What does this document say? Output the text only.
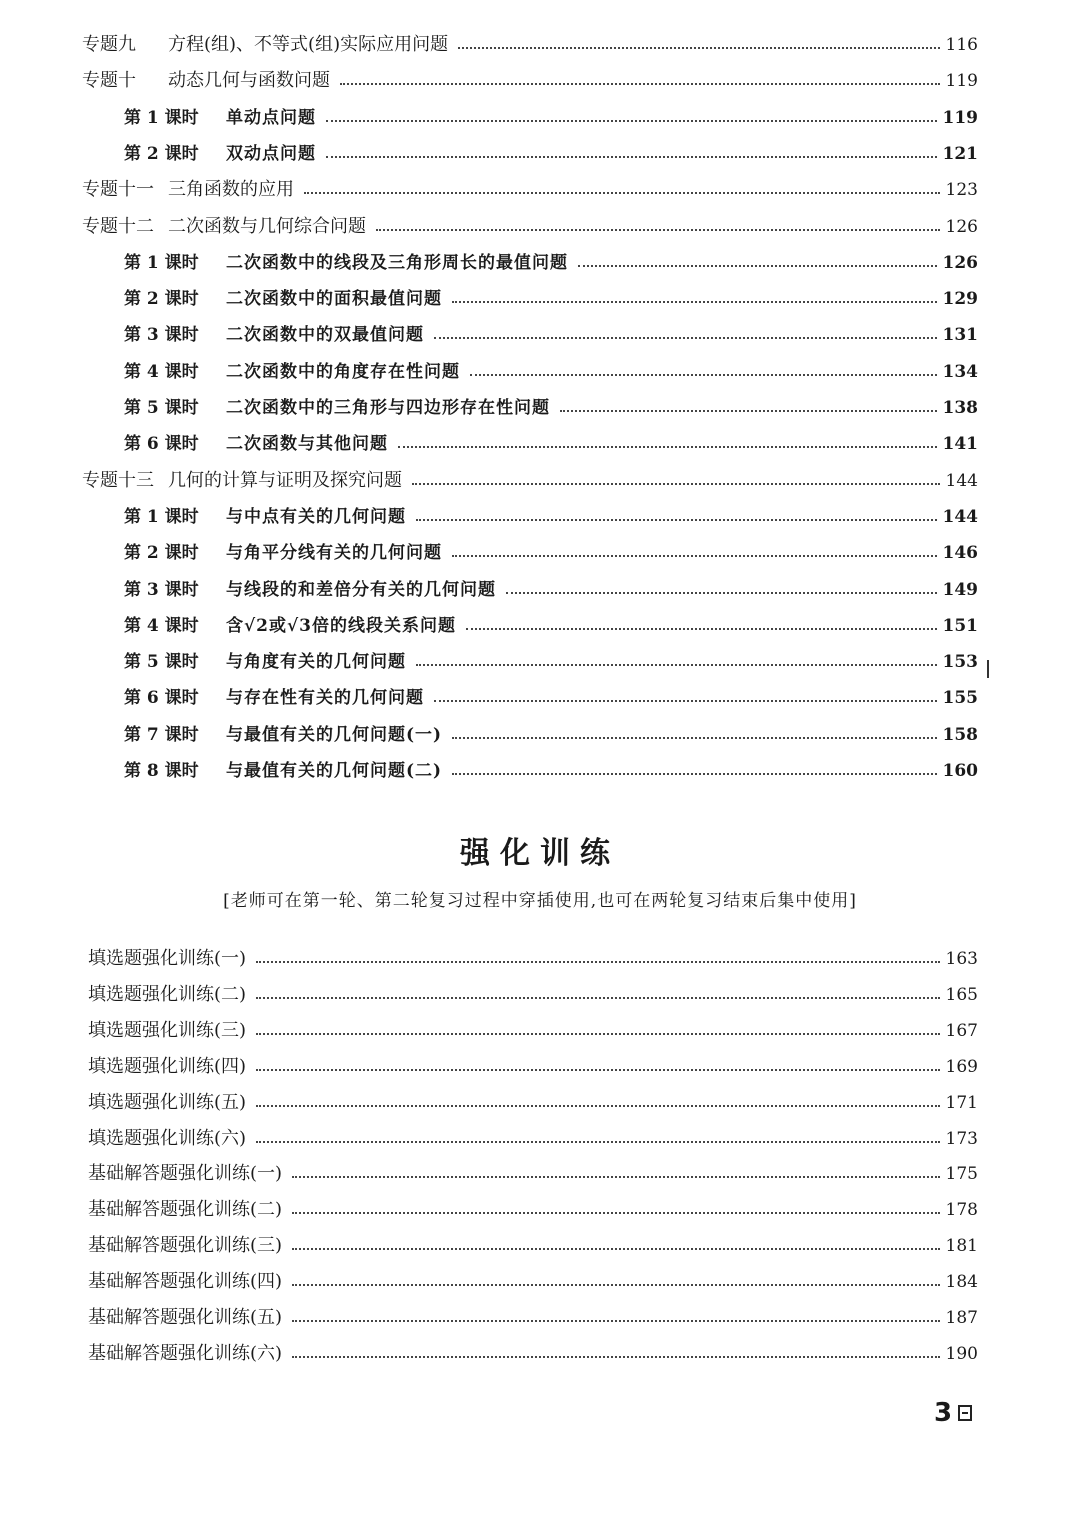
专题九	方程(组)、不等式(组)实际应用问题	116
专题十	动态几何与函数问题	119
第 1 课时	单动点问题	119
第 2 课时	双动点问题	121
专题十一 三角函数的应用	123
专题十二 二次函数与几何综合问题	126
第 1 课时	二次函数中的线段及三角形周长的最值问题	126
第 2 课时	二次函数中的面积最值问题	129
第 3 课时	二次函数中的双最值问题	131
第 4 课时	二次函数中的角度存在性问题	134
第 5 课时	二次函数中的三角形与四边形存在性问题	138
第 6 课时	二次函数与其他问题	141
专题十三 几何的计算与证明及探究问题	144
第 1 课时	与中点有关的几何问题	144
第 2 课时	与角平分线有关的几何问题	146
第 3 课时	与线段的和差倍分有关的几何问题	149
第 4 课时	含√2或√3倍的线段关系问题	151
第 5 课时	与角度有关的几何问题	153
第 6 课时	与存在性有关的几何问题	155
第 7 课时	与最值有关的几何问题(一)	158
第 8 课时	与最值有关的几何问题(二)	160
强化训练
[老师可在第一轮、第二轮复习过程中穿插使用,也可在两轮复习结束后集中使用]
填选题强化训练(一)	163
填选题强化训练(二)	165
填选题强化训练(三)	167
填选题强化训练(四)	169
填选题强化训练(五)	171
填选题强化训练(六)	173
基础解答题强化训练(一)	175
基础解答题强化训练(二)	178
基础解答题强化训练(三)	181
基础解答题强化训练(四)	184
基础解答题强化训练(五)	187
基础解答题强化训练(六)	190
3
